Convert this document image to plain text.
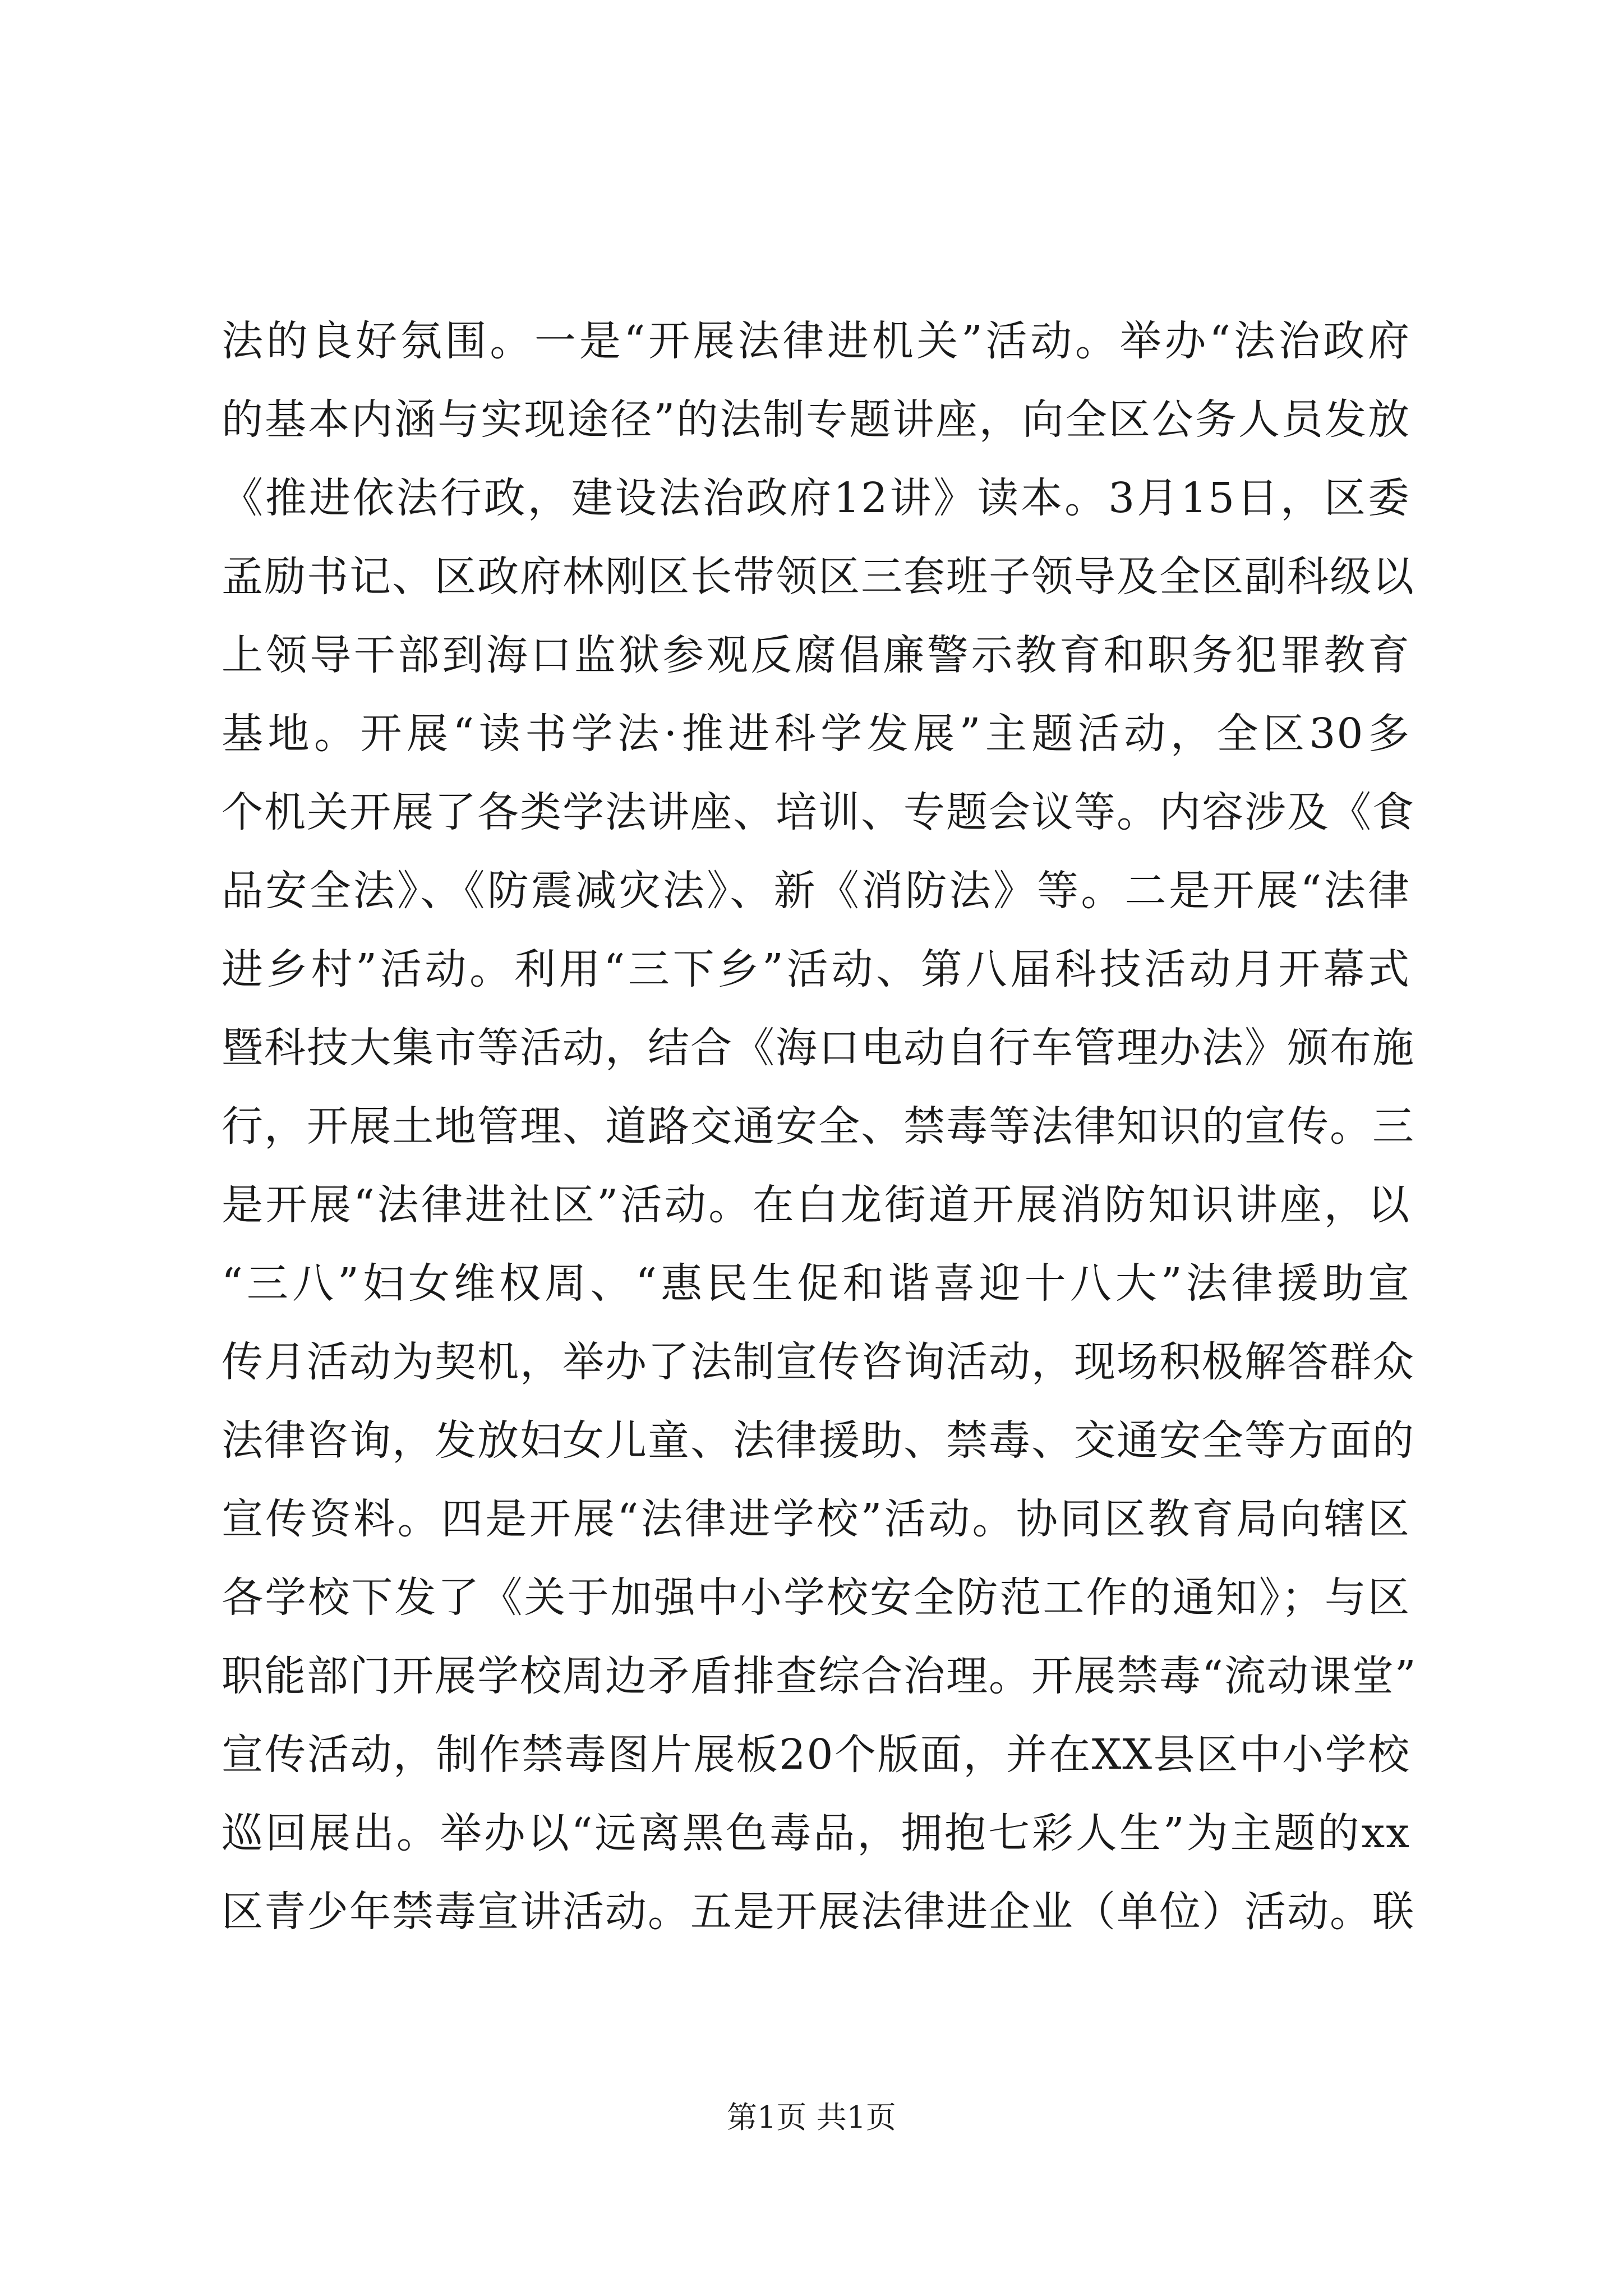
法的良好氛围。一是“开展法律进机关”活动。举办“法治政府
的基本内涵与实现途径”的法制专题讲座，向全区公务人员发放
《推进依法行政，建设法治政府12讲》读本。3月15日，区委
孟励书记、区政府林刚区长带领区三套班子领导及全区副科级以
上领导干部到海口监狱参观反腐倡廉警示教育和职务犯罪教育
基地。开展“读书学法·推进科学发展”主题活动，全区30多
个机关开展了各类学法讲座、培训、专题会议等。内容涉及《食
品安全法》、《防震减灾法》、新《消防法》等。二是开展“法律
进乡村”活动。利用“三下乡”活动、第八届科技活动月开幕式
暨科技大集市等活动，结合《海口电动自行车管理办法》颁布施
行，开展土地管理、道路交通安全、禁毒等法律知识的宣传。三
是开展“法律进社区”活动。在白龙街道开展消防知识讲座，以
“三八”妇女维权周、“惠民生促和谐喜迎十八大”法律援助宣
传月活动为契机，举办了法制宣传咨询活动，现场积极解答群众
法律咨询，发放妇女儿童、法律援助、禁毒、交通安全等方面的
宣传资料。四是开展“法律进学校”活动。协同区教育局向辖区
各学校下发了《关于加强中小学校安全防范工作的通知》；与区
职能部门开展学校周边矛盾排查综合治理。开展禁毒“流动课堂”
宣传活动，制作禁毒图片展板20个版面，并在XX县区中小学校
巡回展出。举办以“远离黑色毒品，拥抱七彩人生”为主题的xx
区青少年禁毒宣讲活动。五是开展法律进企业（单位）活动。联
第1页 共1页
